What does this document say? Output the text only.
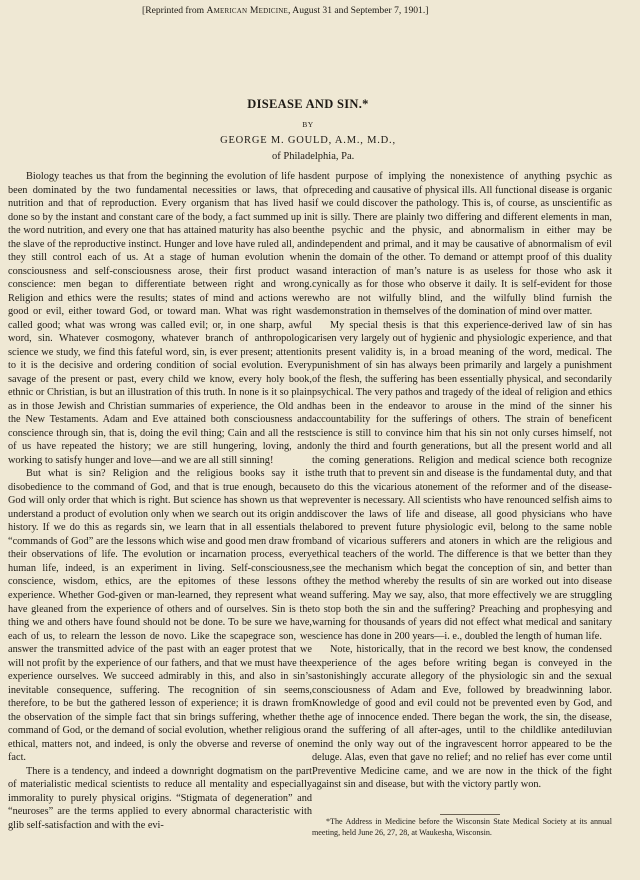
[Reprinted from American Medicine, August 31 and September 7, 1901.]
DISEASE AND SIN.*
BY
GEORGE M. GOULD, A.M., M.D.,
of Philadelphia, Pa.

Biology teaches us that from the beginning the evolution of life has been dominated by the two fundamental necessities or laws, that of nutrition and that of reproduction. Every organism that has lived has done so by the instant and constant care of the body, a fact summed up in the word nutrition, and every one that has attained maturity has also been the slave of the reproductive instinct. Hunger and love have ruled all, and they still control each of us. At a stage of human evolution when consciousness and self-consciousness arose, their first product was conscience: men began to differentiate between right and wrong. Religion and ethics were the results; states of mind and actions were good or evil, either toward God, or toward man. What was right was called good; what was wrong was called evil; or, in one sharp, awful word, sin. Whatever cosmogony, whatever branch of anthropologic science we study, we find this fateful word, sin, is ever present; attention to it is the decisive and ordering condition of social evolution. Every savage of the present or past, every child we know, every holy book, ethnic or Christian, is but an illustration of this truth. In none is it so plain as in those Jewish and Christian summaries of experience, the Old and the New Testaments. Adam and Eve attained both consciousness and conscience through sin, that is, doing the evil thing; Cain and all the rest of us have repeated the history; we are still hungering, loving, and working to satisfy hunger and love—and we are all still sinning!

But what is sin? Religion and the religious books say it is disobedience to the command of God, and that is true enough, because God will only order that which is right. But science has shown us that we understand a product of evolution only when we search out its origin and history. If we do this as regards sin, we learn that in all essentials the “commands of God” are the lessons which wise and good men draw from their observations of life. The evolution or incarnation process, every human life, indeed, is an experiment in living. Self-consciousness, conscience, wisdom, ethics, are the epitomes of these lessons of experience. Whether God-given or man-learned, they represent what we have gleaned from the experience of others and of ourselves. Sin is the thing we and others have found should not be done. To be sure we have, each of us, to relearn the lesson de novo. Like the scapegrace son, we answer the transmitted advice of the past with an eager protest that we will not profit by the experience of our fathers, and that we must have the experience ourselves. We succeed admirably in this, and also in sin’s inevitable consequence, suffering. The recognition of sin seems, therefore, to be but the gathered lesson of experience; it is drawn from the observation of the simple fact that sin brings suffering, whether the command of God, or the demand of social evolution, whether religious or ethical, matters not, and indeed, is only the obverse and reverse of one fact.

There is a tendency, and indeed a downright dogmatism on the part of materialistic medical scientists to reduce all mentality and especially immorality to purely physical origins. “Stigmata of degeneration” and “neuroses” are the terms applied to every abnormal characteristic with glib self-satisfaction and with the evi-

dent purpose of implying the nonexistence of anything psychic as preceding and causative of physical ills. All functional disease is organic if we could discover the pathology. This is, of course, as unscientific as it is silly. There are plainly two differing and different elements in man, the psychic and the physic, and abnormalism in either may be independent and primal, and it may be causative of abnormalism of evil in the domain of the other. To demand or attempt proof of this duality and interaction of man’s nature is as useless for those who ask it cynically as for those who observe it daily. It is self-evident for those who are not wilfully blind, and the wilfully blind furnish the demonstration in themselves of the domination of mind over matter.

My special thesis is that this experience-derived law of sin has arisen very largely out of hygienic and physiologic experience, and that its present validity is, in a broad meaning of the word, medical. The punishment of sin has always been primarily and largely a punishment of the flesh, the suffering has been essentially physical, and secondarily psychical. The very pathos and tragedy of the ideal of religion and ethics has been in the endeavor to arouse in the mind of the sinner his accountability for the sufferings of others. The strain of beneficent science is still to convince him that his sin not only curses himself, not only the third and fourth generations, but all the present world and all the coming generations. Religion and medical science both recognize the truth that to prevent sin and disease is the fundamental duty, and that to do this the vicarious atonement of the reformer and of the disease-preventer is necessary. All scientists who have renounced selfish aims to discover the laws of life and disease, all good physicians who have labored to prevent future physiologic evil, belong to the same noble band of vicarious sufferers and atoners in which are the religious and ethical teachers of the world. The difference is that we better than they see the mechanism which begat the conception of sin, and better than they the method whereby the results of sin are worked out into disease and suffering. May we say, also, that more effectively we are struggling to stop both the sin and the suffering? Preaching and prophesying and warning for thousands of years did not effect what medical and sanitary science has done in 200 years—i. e., doubled the length of human life.

Note, historically, that in the record we best know, the condensed experience of the ages before writing began is conveyed in the astonishingly accurate allegory of the physiologic sin and the sexual consciousness of Adam and Eve, followed by breadwinning labor. Knowledge of good and evil could not be prevented even by God, and the age of innocence ended. There began the work, the sin, the disease, and the suffering of all after-ages, until to the childlike antediluvian mind the only way out of the ingravescent horror appeared to be the deluge. Alas, even that gave no relief; and no relief has ever come until Preventive Medicine came, and we are now in the thick of the fight against sin and disease, but with the victory partly won.

*The Address in Medicine before the Wisconsin State Medical Society at its annual meeting, held June 26, 27, 28, at Waukesha, Wisconsin.
